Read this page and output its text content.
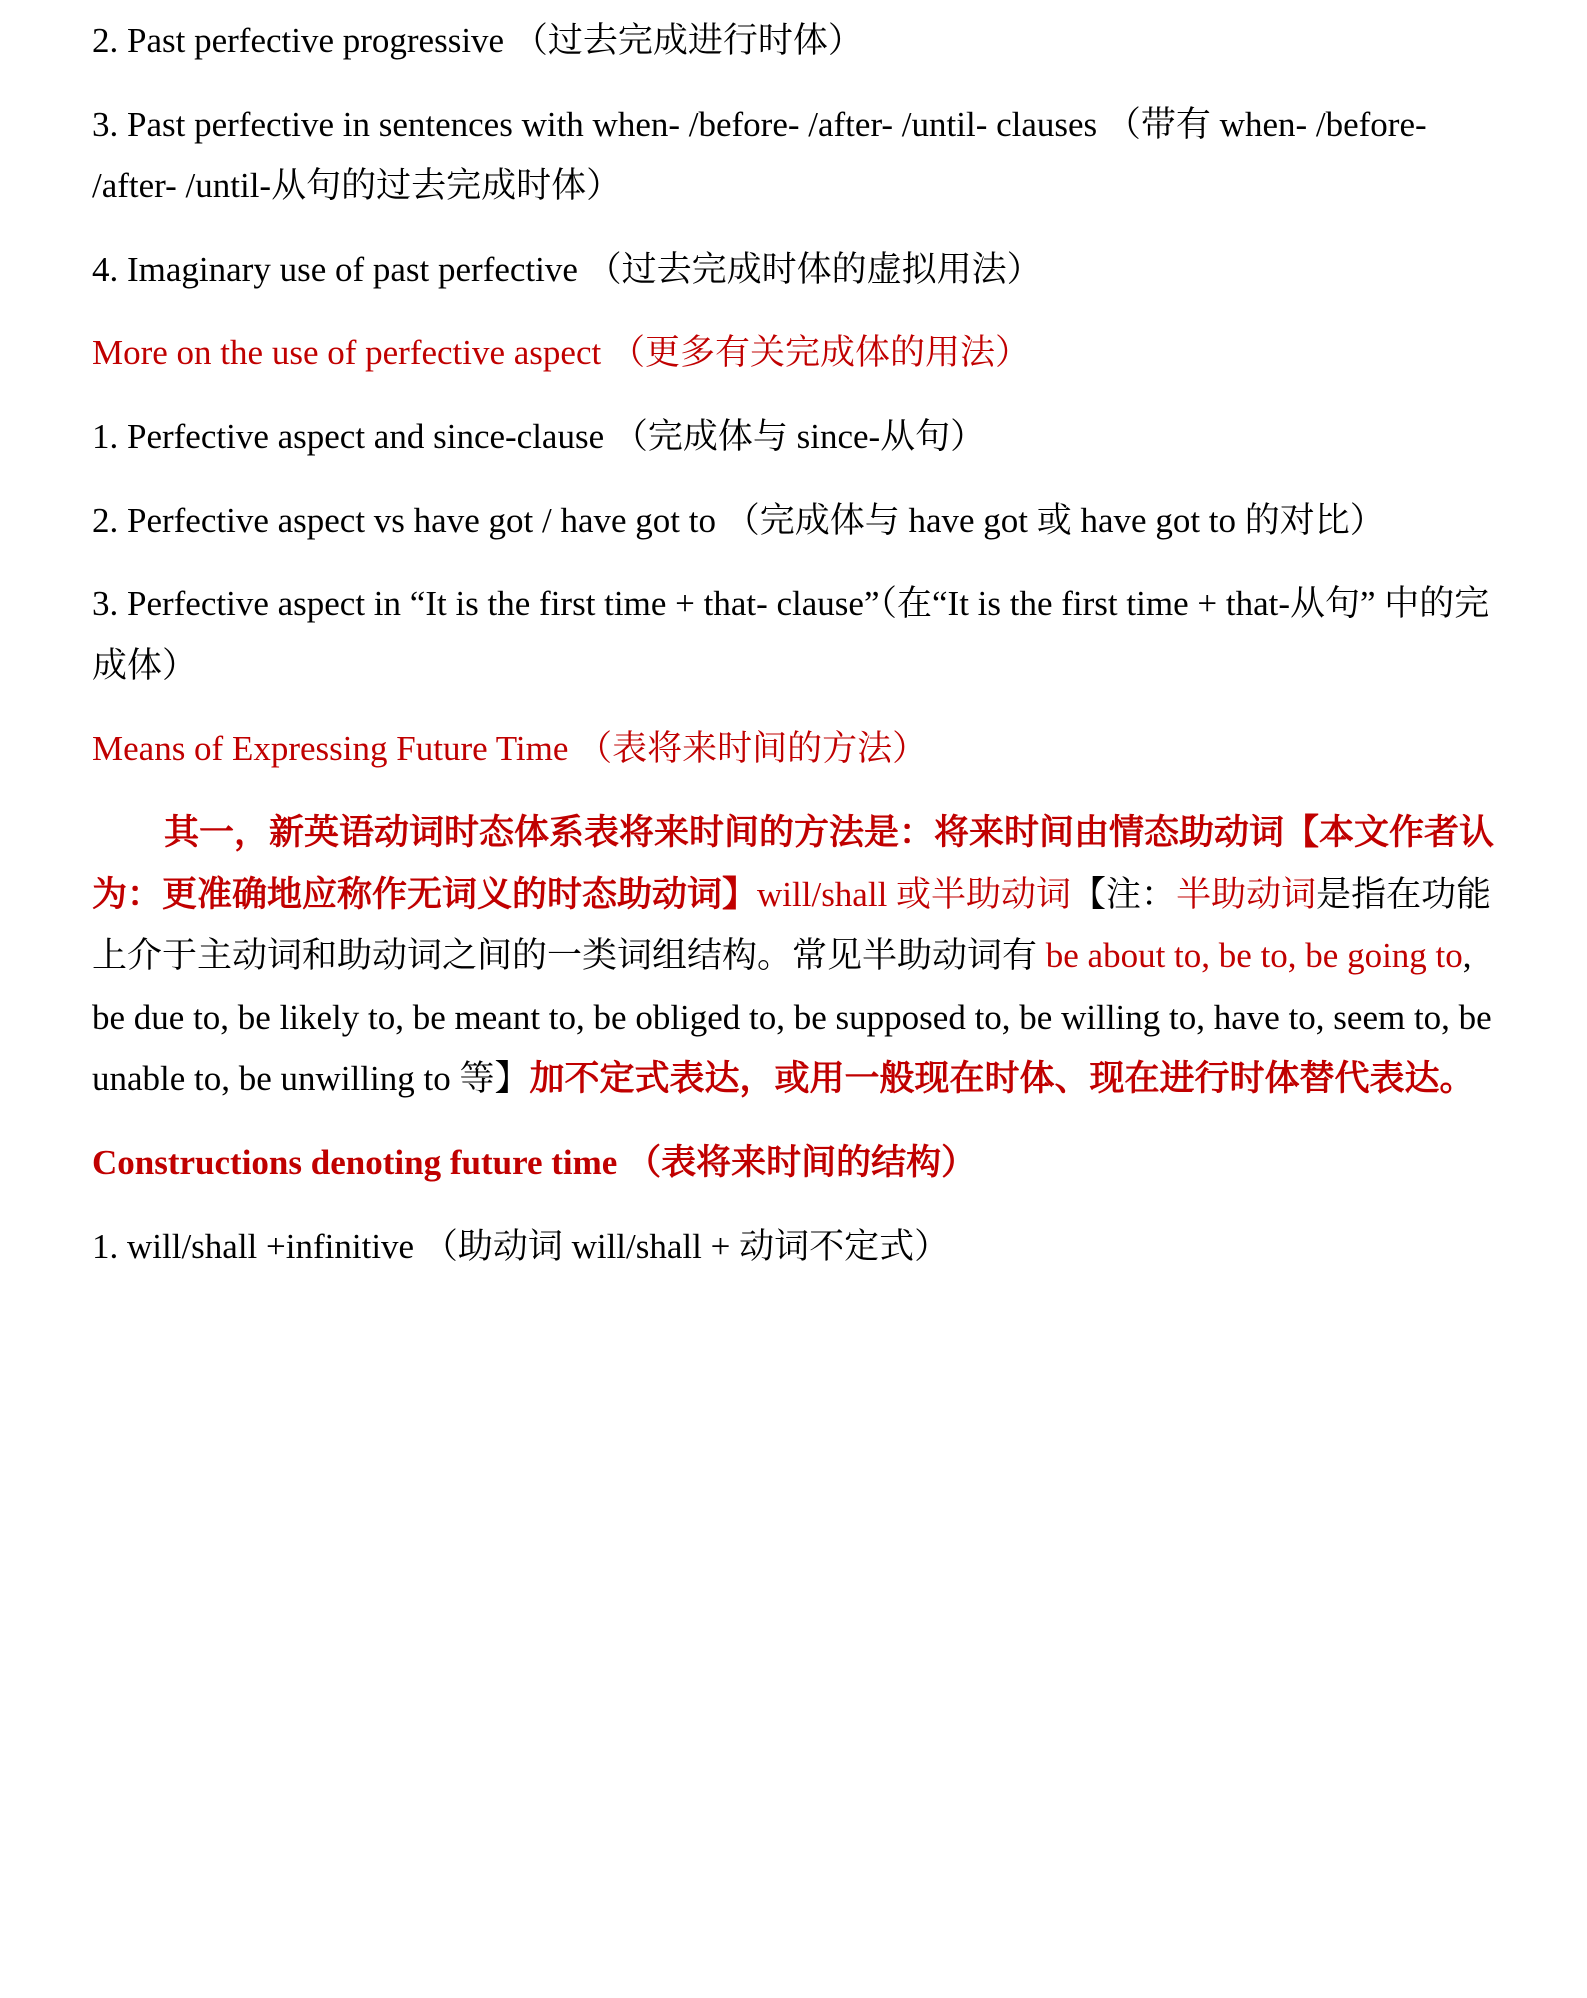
2. Past perfective progressive （过去完成进行时体）

3. Past perfective in sentences with when- /before- /after- /until- clauses （带有 when- /before- /after- /until-从句的过去完成时体）

4. Imaginary use of past perfective （过去完成时体的虚拟用法）

More on the use of perfective aspect （更多有关完成体的用法）

1. Perfective aspect and since-clause （完成体与 since-从句）

2. Perfective aspect vs have got / have got to （完成体与 have got 或 have got to 的对比）

3. Perfective aspect in “It is the first time + that- clause”（在“It is the first time + that-从句” 中的完成体）

Means of Expressing Future Time （表将来时间的方法）

其一，新英语动词时态体系表将来时间的方法是：将来时间由情态助动词【本文作者认为：更准确地应称作无词义的时态助动词】will/shall 或半助动词【注：半助动词是指在功能上介于主动词和助动词之间的一类词组结构。常见半助动词有 be about to, be to, be going to, be due to, be likely to, be meant to, be obliged to, be supposed to, be willing to, have to, seem to, be unable to, be unwilling to 等】加不定式表达，或用一般现在时体、现在进行时体替代表达。

Constructions denoting future time （表将来时间的结构）

1. will/shall +infinitive （助动词 will/shall + 动词不定式）
